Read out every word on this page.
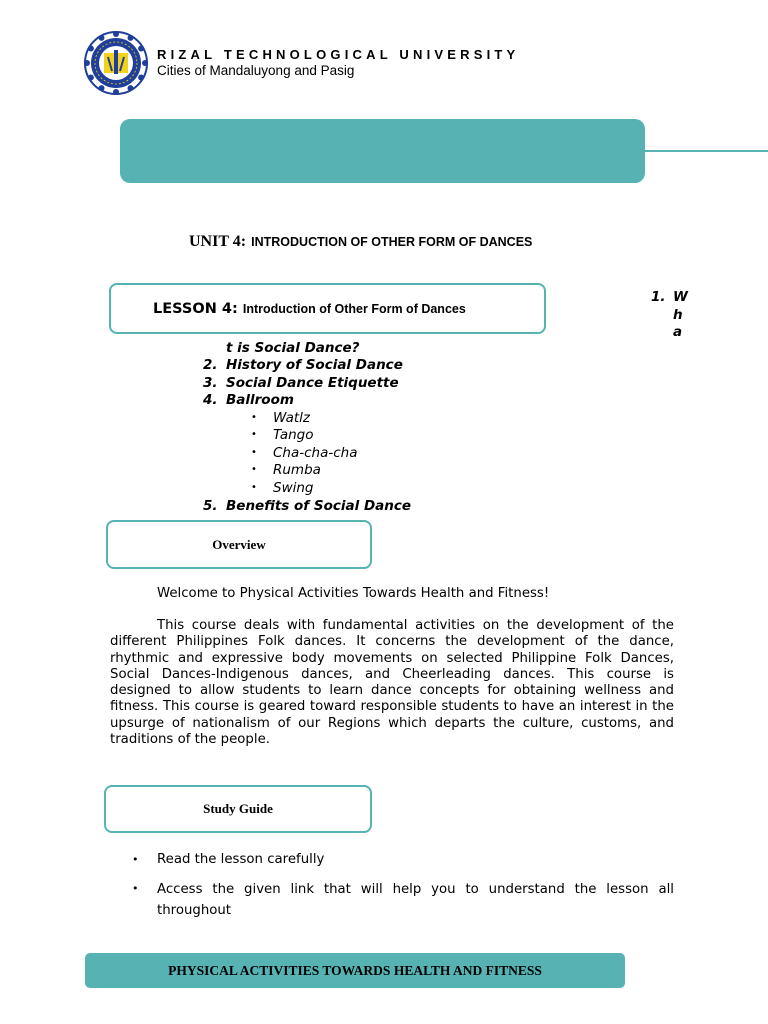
RIZAL TECHNOLOGICAL UNIVERSITY
Cities of Mandaluyong and Pasig
UNIT 4: INTRODUCTION OF OTHER FORM OF DANCES
LESSON 4:
Introduction of Other Form of Dances
1. W
h
a
t is Social Dance?
2. History of Social Dance
3. Social Dance Etiquette
4. Ballroom
• Watlz
• Tango
• Cha-cha-cha
• Rumba
• Swing
5. Benefits of Social Dance
Overview
Welcome to Physical Activities Towards Health and Fitness!
This course deals with fundamental activities on the development of the different Philippines Folk dances. It concerns the development of the dance, rhythmic and expressive body movements on selected Philippine Folk Dances, Social Dances-Indigenous dances, and Cheerleading dances. This course is designed to allow students to learn dance concepts for obtaining wellness and fitness. This course is geared toward responsible students to have an interest in the upsurge of nationalism of our Regions which departs the culture, customs, and traditions of the people.
Study Guide
• Read the lesson carefully
• Access the given link that will help you to understand the lesson all throughout
PHYSICAL ACTIVITIES TOWARDS HEALTH AND FITNESS
